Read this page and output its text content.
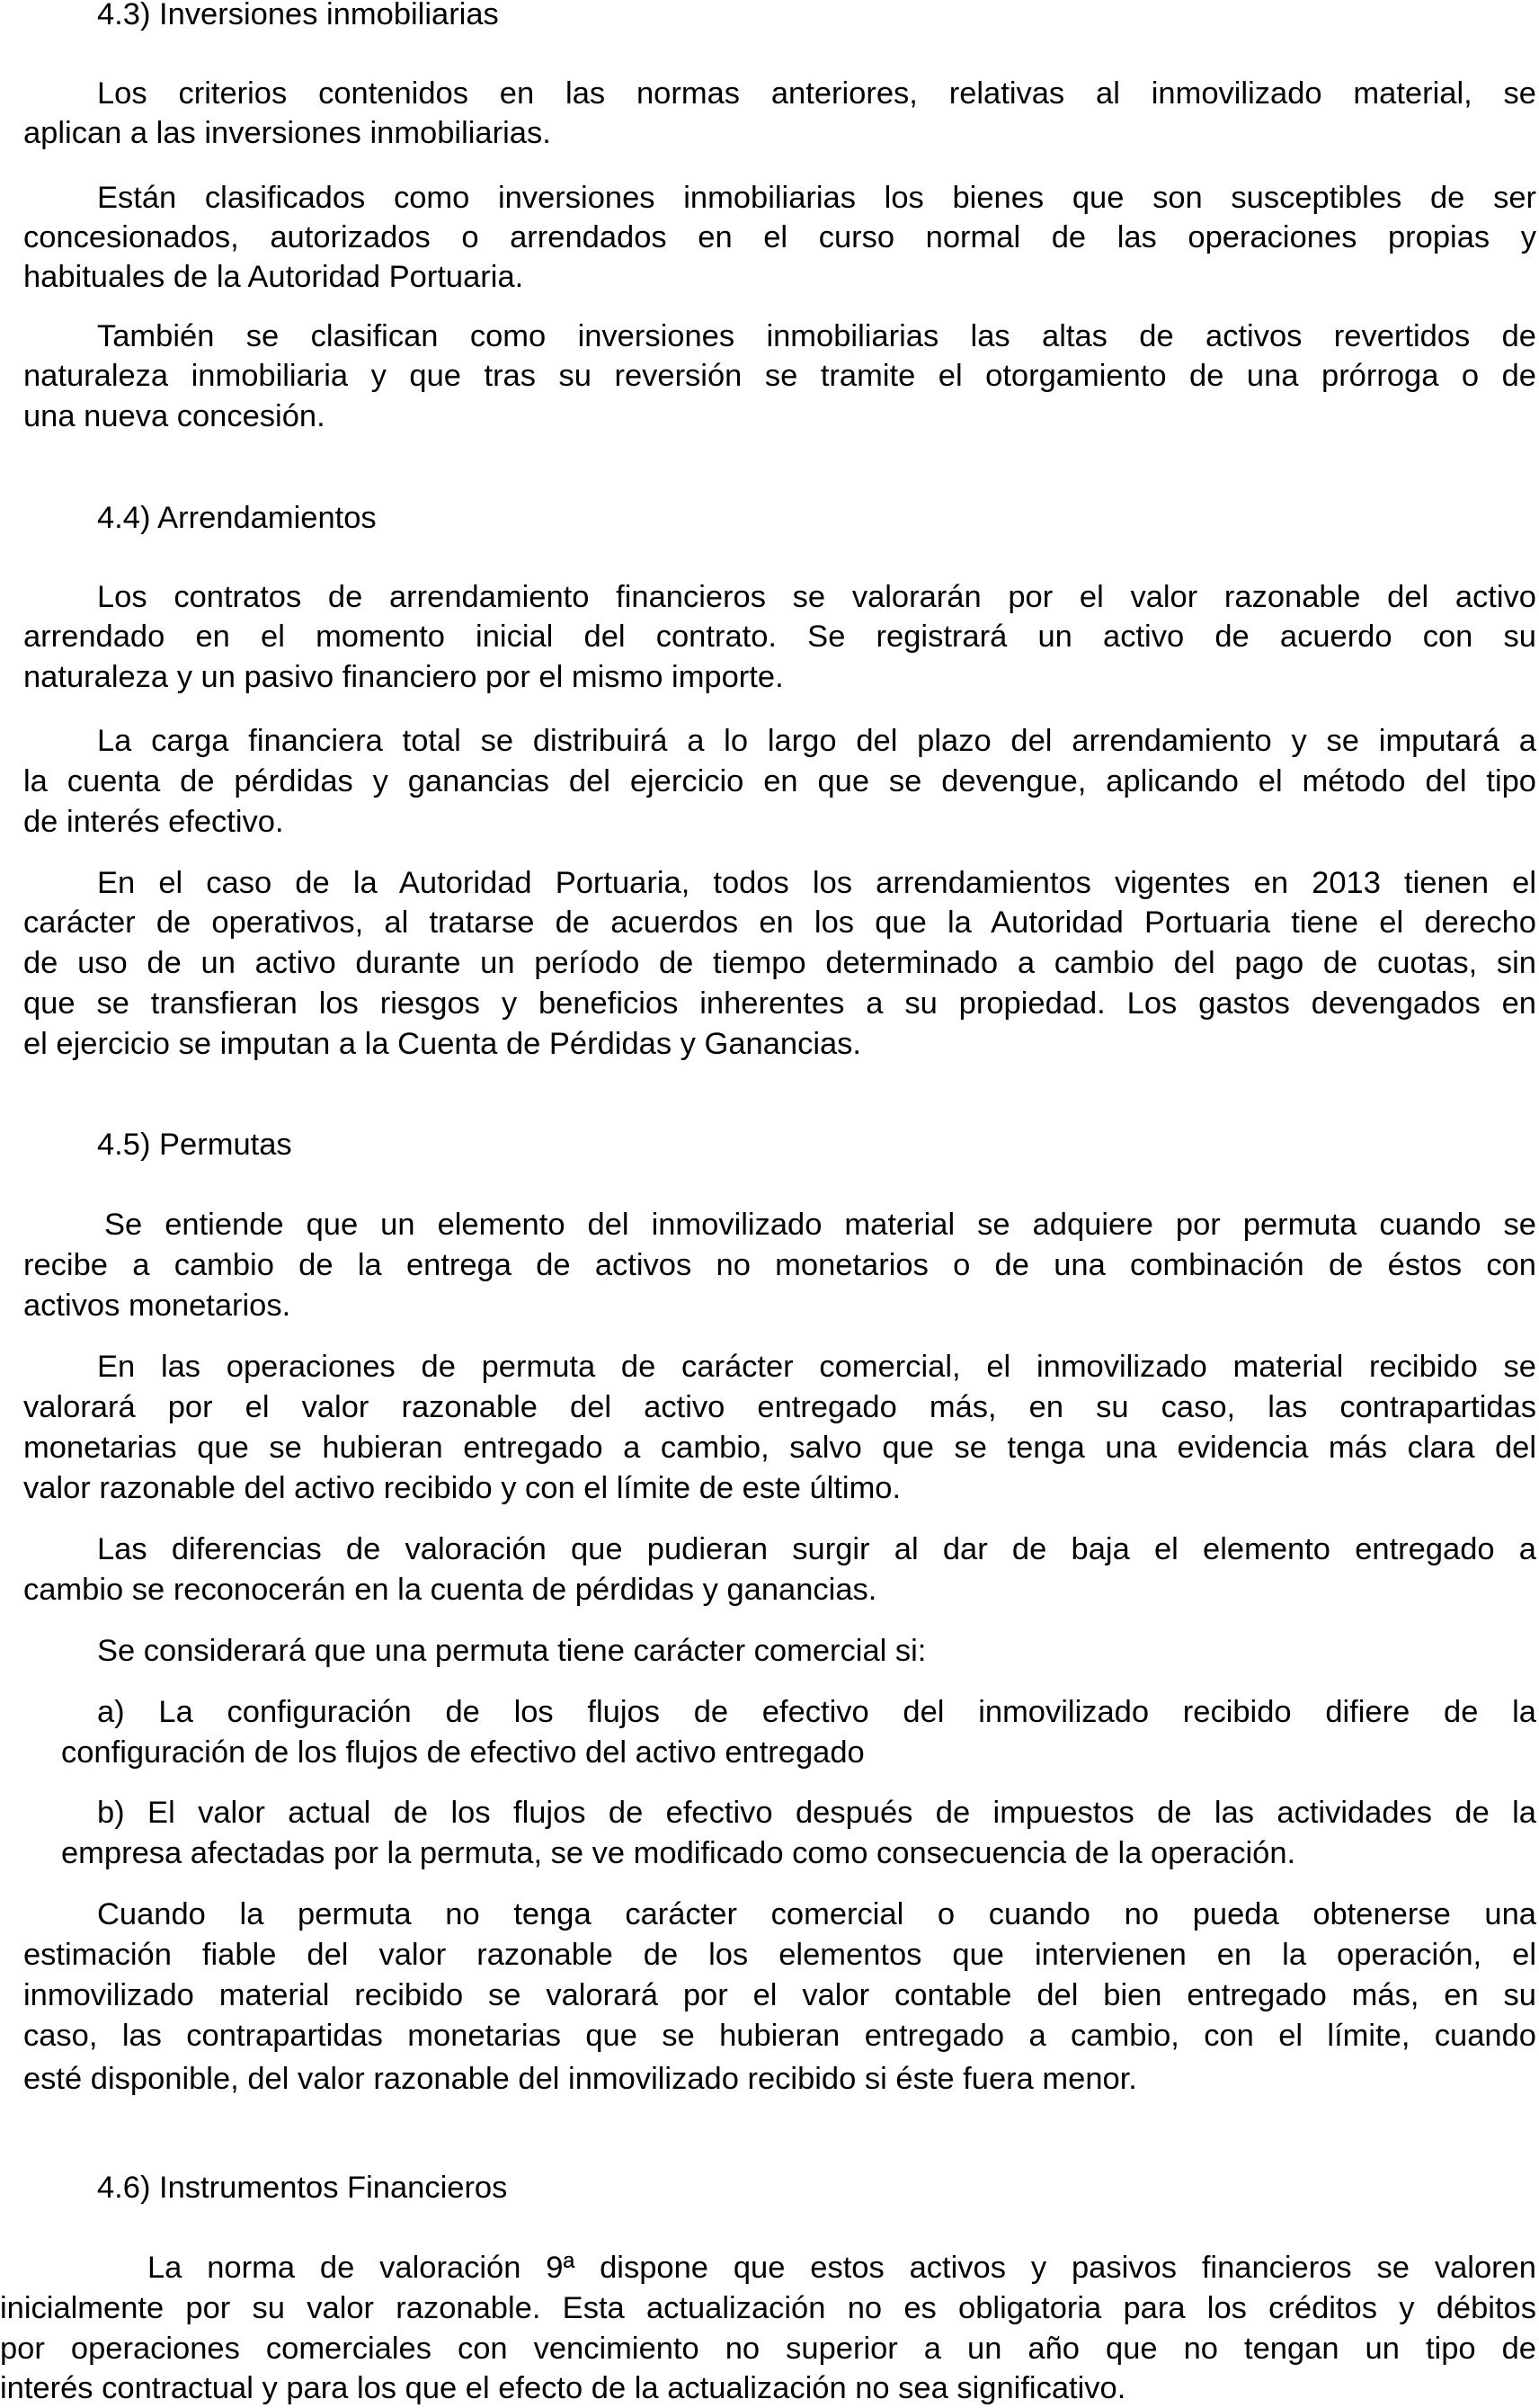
4.3) Inversiones inmobiliarias

Los criterios contenidos en las normas anteriores, relativas al inmovilizado material, se

aplican a las inversiones inmobiliarias.

Están clasificados como inversiones inmobiliarias los bienes que son susceptibles de ser

concesionados, autorizados o arrendados en el curso normal de las operaciones propias y

habituales de la Autoridad Portuaria.

También se clasifican como inversiones inmobiliarias las altas de activos revertidos de

naturaleza inmobiliaria y que tras su reversión se tramite el otorgamiento de una prórroga o de

una nueva concesión.

4.4) Arrendamientos

Los contratos de arrendamiento financieros se valorarán por el valor razonable del activo

arrendado en el momento inicial del contrato. Se registrará un activo de acuerdo con su

naturaleza y un pasivo financiero por el mismo importe.

La carga financiera total se distribuirá a lo largo del plazo del arrendamiento y se imputará a

la cuenta de pérdidas y ganancias del ejercicio en que se devengue, aplicando el método del tipo

de interés efectivo.

En el caso de la Autoridad Portuaria, todos los arrendamientos vigentes en 2013 tienen el

carácter de operativos, al tratarse de acuerdos en los que la Autoridad Portuaria tiene el derecho

de uso de un activo durante un período de tiempo determinado a cambio del pago de cuotas, sin

que se transfieran los riesgos y beneficios inherentes a su propiedad. Los gastos devengados en

el ejercicio se imputan a la Cuenta de Pérdidas y Ganancias.

4.5) Permutas

Se entiende que un elemento del inmovilizado material se adquiere por permuta cuando se

recibe a cambio de la entrega de activos no monetarios o de una combinación de éstos con

activos monetarios.

En las operaciones de permuta de carácter comercial, el inmovilizado material recibido se

valorará por el valor razonable del activo entregado más, en su caso, las contrapartidas

monetarias que se hubieran entregado a cambio, salvo que se tenga una evidencia más clara del

valor razonable del activo recibido y con el límite de este último.

Las diferencias de valoración que pudieran surgir al dar de baja el elemento entregado a

cambio se reconocerán en la cuenta de pérdidas y ganancias.

Se considerará que una permuta tiene carácter comercial si:

a) La configuración de los flujos de efectivo del inmovilizado recibido difiere de la

configuración de los flujos de efectivo del activo entregado

b) El valor actual de los flujos de efectivo después de impuestos de las actividades de la

empresa afectadas por la permuta, se ve modificado como consecuencia de la operación.

Cuando la permuta no tenga carácter comercial o cuando no pueda obtenerse una

estimación fiable del valor razonable de los elementos que intervienen en la operación, el

inmovilizado material recibido se valorará por el valor contable del bien entregado más, en su

caso, las contrapartidas monetarias que se hubieran entregado a cambio, con el límite, cuando

esté disponible, del valor razonable del inmovilizado recibido si éste fuera menor.

4.6) Instrumentos Financieros

La norma de valoración 9ª dispone que estos activos y pasivos financieros se valoren

inicialmente por su valor razonable. Esta actualización no es obligatoria para los créditos y débitos

por operaciones comerciales con vencimiento no superior a un año que no tengan un tipo de

interés contractual y para los que el efecto de la actualización no sea significativo.
